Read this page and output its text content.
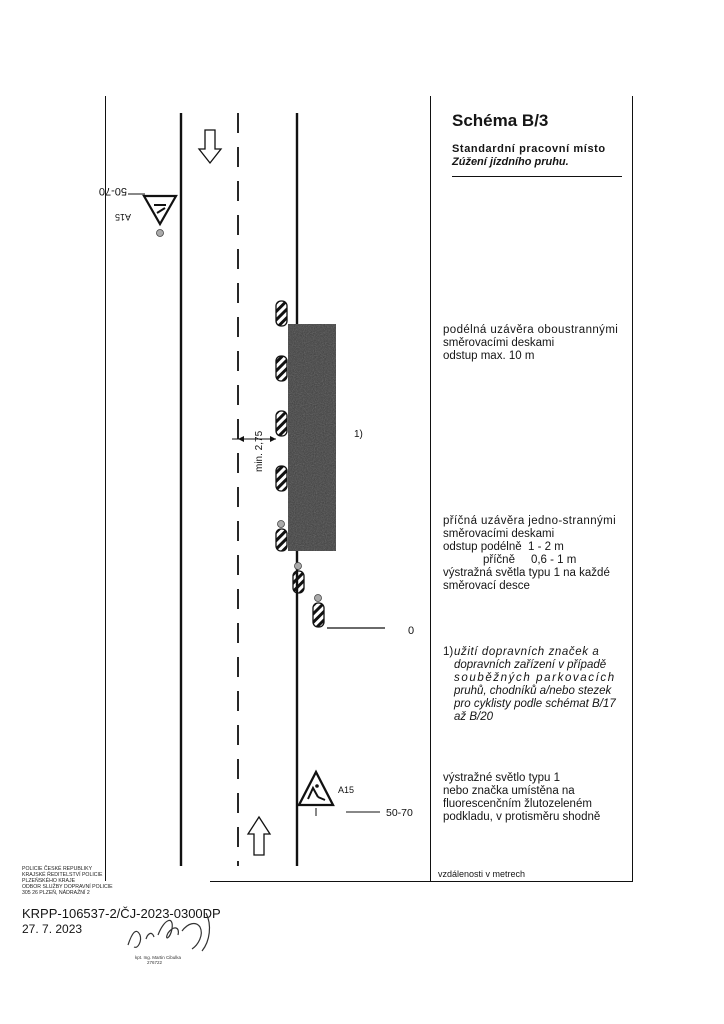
A15
50-70
0
min. 2,75	1)
A15
50-70
Schéma B/3
Standardní pracovní místo
Zúžení jízdního pruhu.
podélná uzávěra oboustrannými
směrovacími deskami
odstup max. 10 m
příčná uzávěra jedno-strannými
směrovacími deskami
odstup podélně 1 - 2 m
příčně 0,6 - 1 m
výstražná světla typu 1 na každé
směrovací desce
1) užití dopravních značek a
dopravních zařízení v případě
souběžných parkovacích
pruhů, chodníků a/nebo stezek
pro cyklisty podle schémat B/17
až B/20
výstražné světlo typu 1
nebo značka umístěna na
fluorescenčním žlutozeleném
podkladu, v protisměru shodně
vzdálenosti v metrech
POLICIE ČESKÉ REPUBLIKY
KRAJSKÉ ŘEDITELSTVÍ POLICIE
PLZEŇSKÉHO KRAJE
ODBOR SLUŽBY DOPRAVNÍ POLICIE
305 26 PLZEŇ, NÁDRAŽNÍ 2
KRPP-106537-2/ČJ-2023-0300DP
27. 7. 2023
kpt. Ing. Martin Cibulka
276722
